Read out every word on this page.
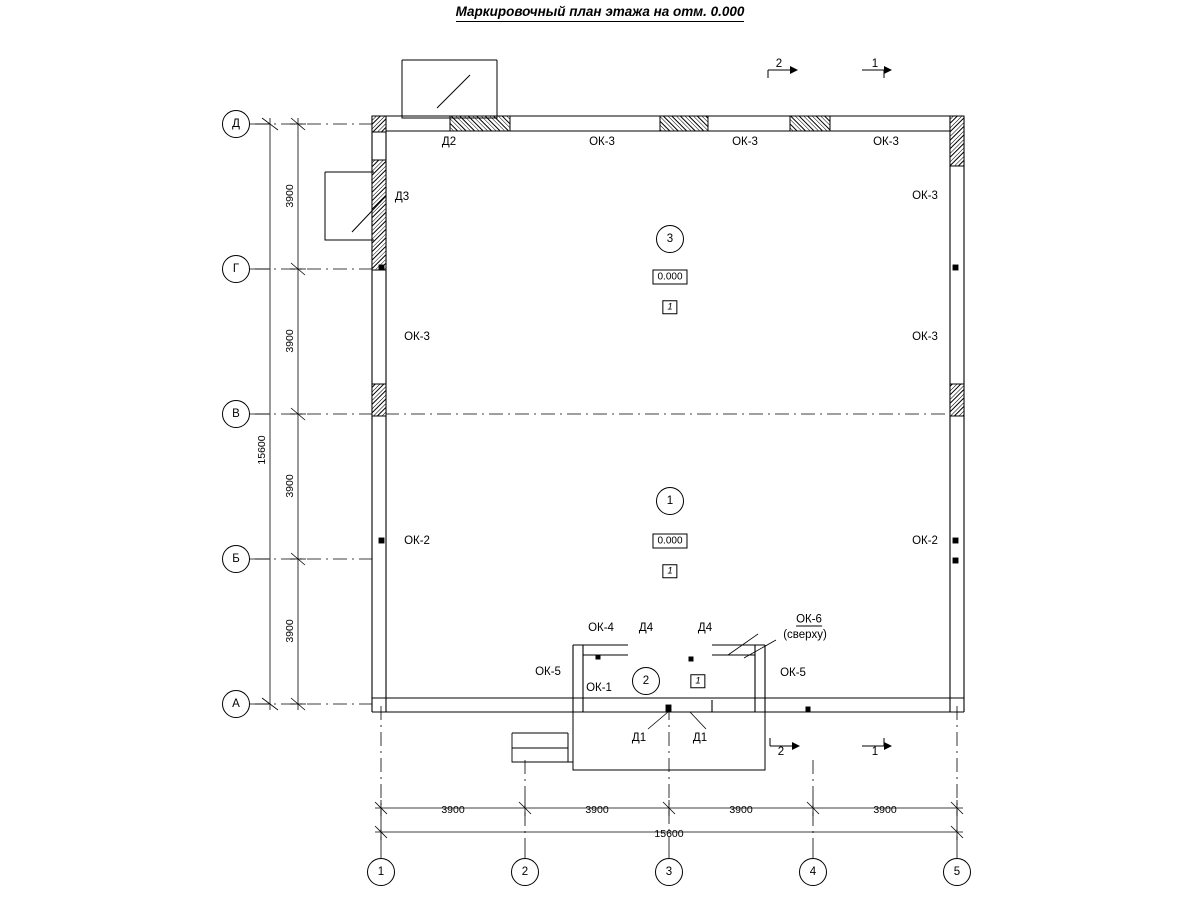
Маркировочный план этажа на отм. 0.000
Д
Г
В
Б
А
1	2	3	4	5
3900
3900
3900
3900
15600
3900	3900	3900	3900
15600
2	1
2	1
3
0.000
1
1
0.000
1
2	1
Д2
Д3
ОК-3	ОК-3	ОК-3
ОК-3
ОК-3
ОК-3
ОК-2	ОК-2
ОК-4 Д4	Д4
ОК-6
(сверху)
ОК-5
ОК-1
ОК-5
Д1	Д1
